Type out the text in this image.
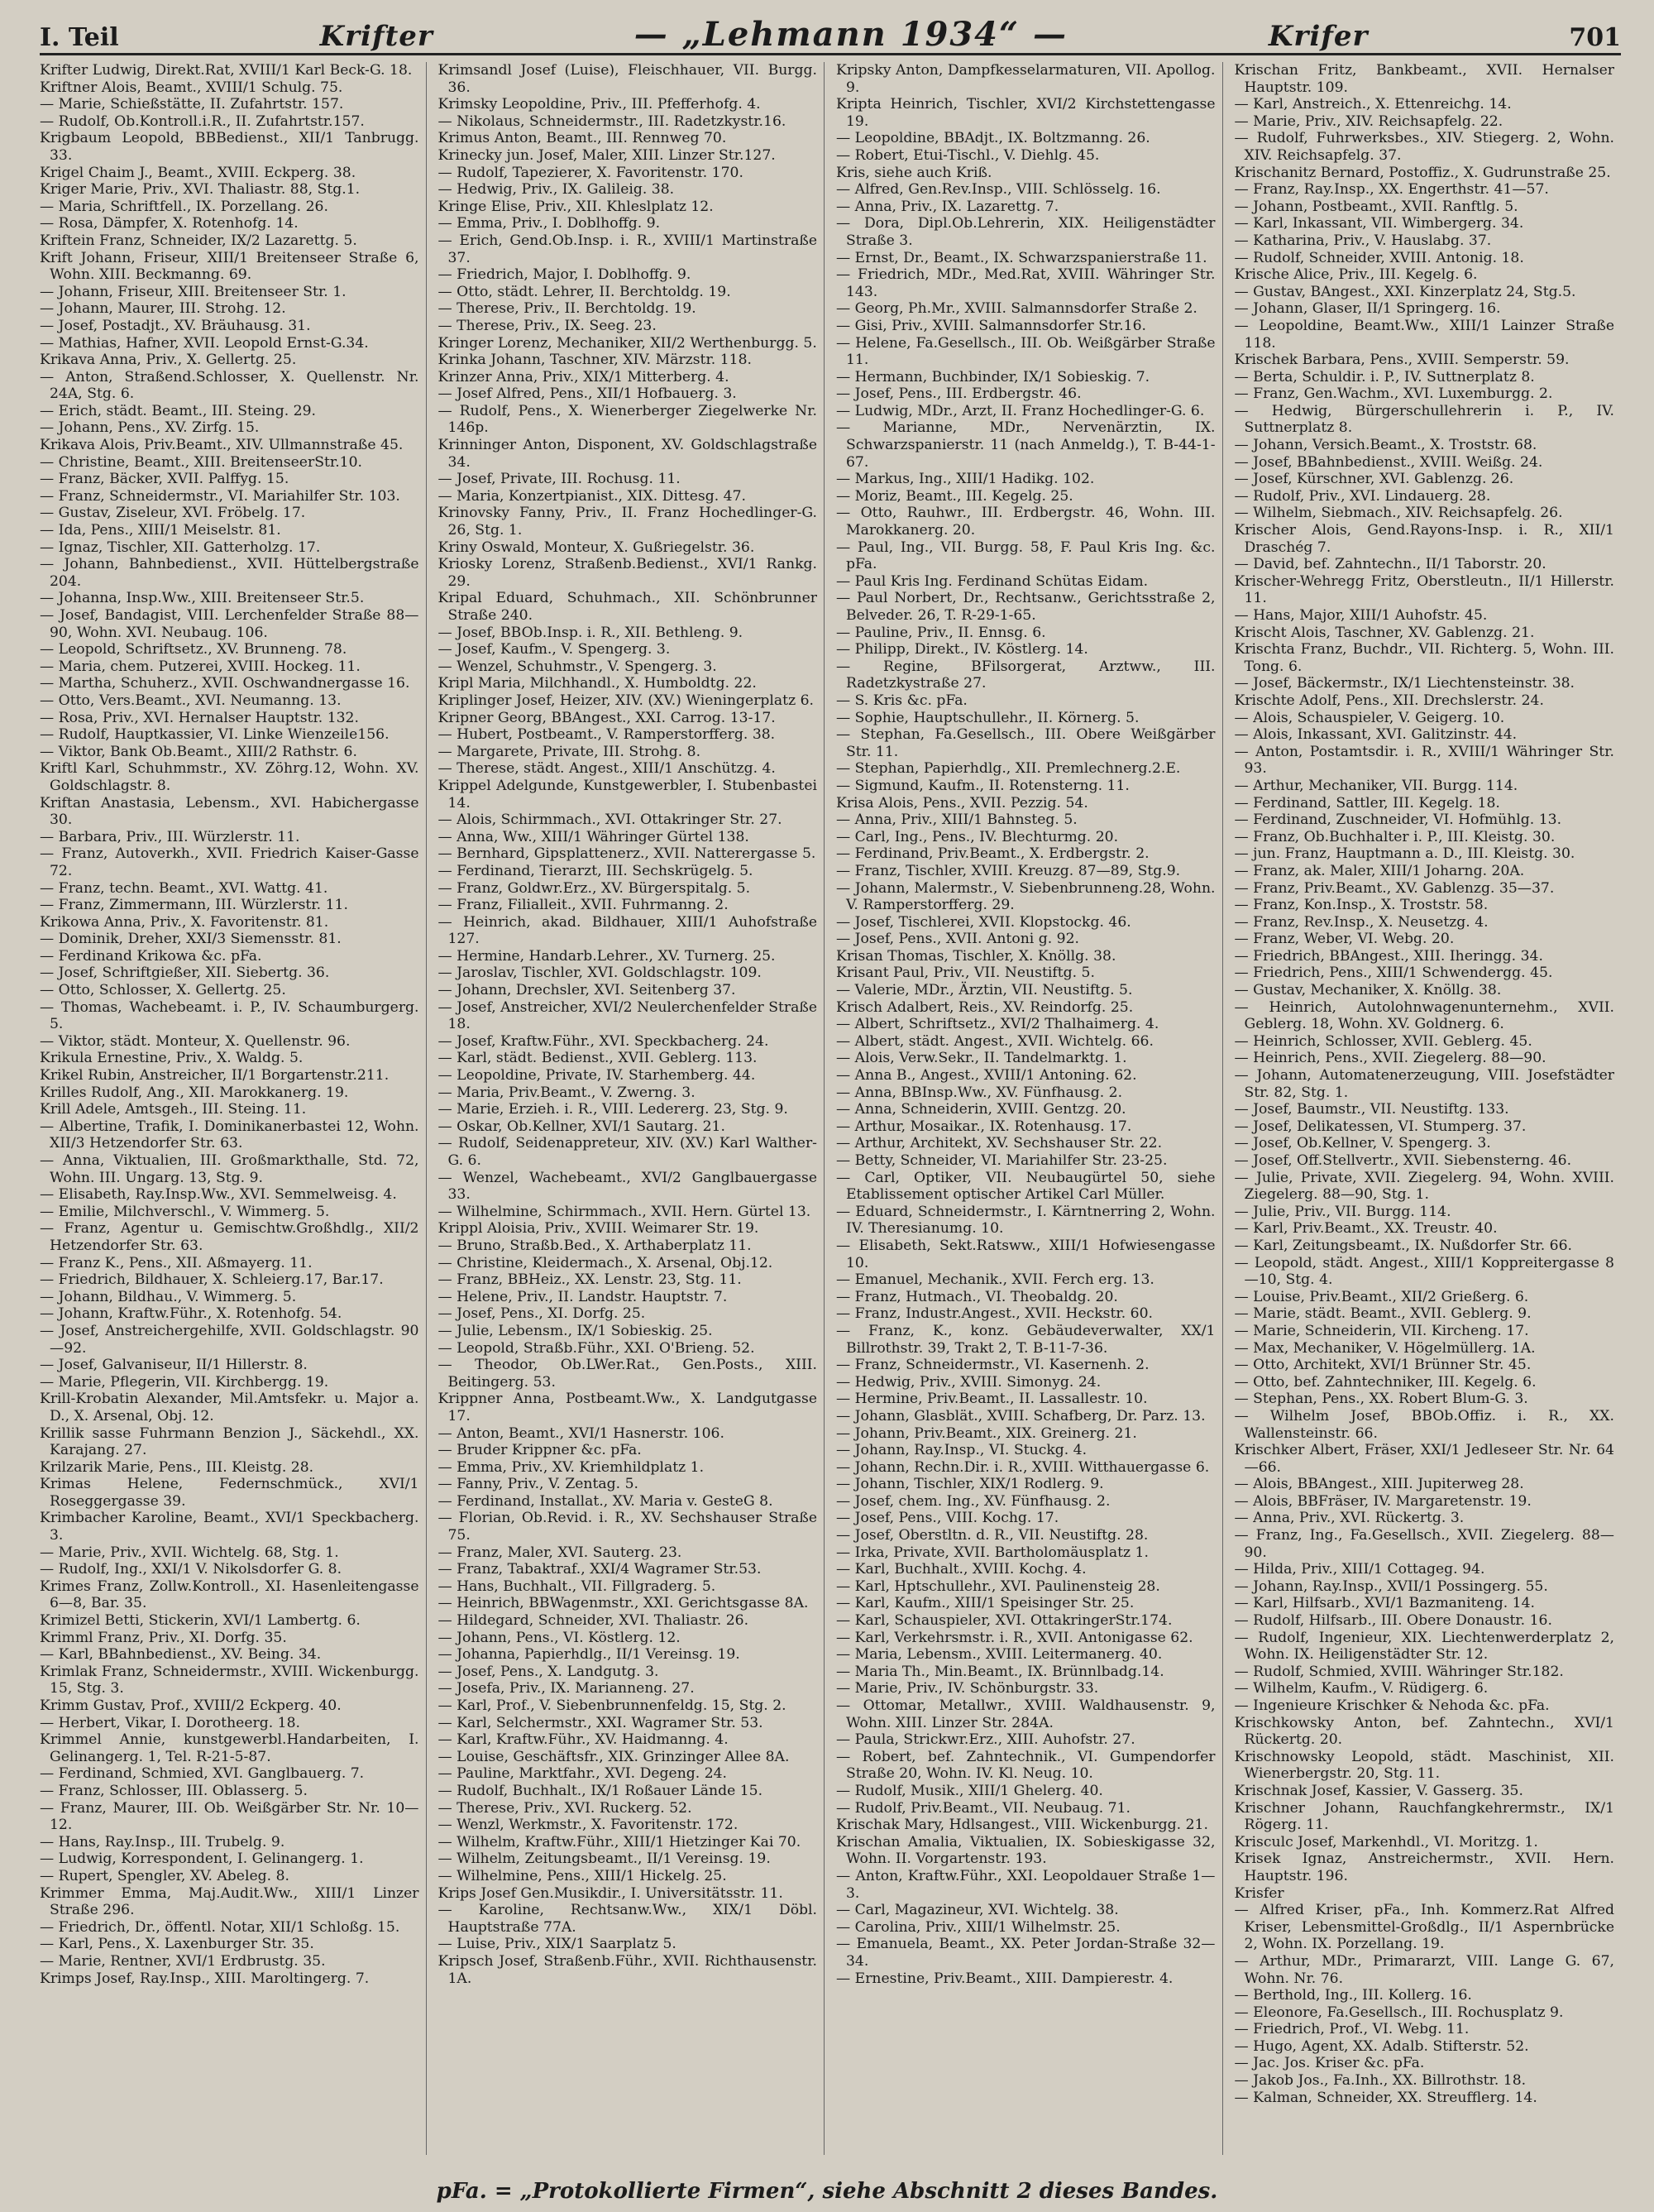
I. Teil	Krifter	— „Lehmann 1934“ —	Krifer	701

Krifter Ludwig, Direkt.Rat, XVIII/1 Karl Beck-G. 18.

Kriftner Alois, Beamt., XVIII/1 Schulg. 75.

— Marie, Schießstätte, II. Zufahrtstr. 157.

— Rudolf, Ob.Kontroll.i.R., II. Zufahrtstr.157.

Krigbaum Leopold, BBBedienst., XII/1 Tanbrugg. 33.

Krigel Chaim J., Beamt., XVIII. Eckperg. 38.

Kriger Marie, Priv., XVI. Thaliastr. 88, Stg.1.

— Maria, Schriftfell., IX. Porzellang. 26.

— Rosa, Dämpfer, X. Rotenhofg. 14.

Kriftein Franz, Schneider, IX/2 Lazarettg. 5.

Krift Johann, Friseur, XIII/1 Breitenseer Straße 6, Wohn. XIII. Beckmanng. 69.

— Johann, Friseur, XIII. Breitenseer Str. 1.

— Johann, Maurer, III. Strohg. 12.

— Josef, Postadjt., XV. Bräuhausg. 31.

— Mathias, Hafner, XVII. Leopold Ernst-G.34.

Krikava Anna, Priv., X. Gellertg. 25.

— Anton, Straßend.Schlosser, X. Quellenstr. Nr. 24A, Stg. 6.

— Erich, städt. Beamt., III. Steing. 29.

— Johann, Pens., XV. Zirfg. 15.

Krikava Alois, Priv.Beamt., XIV. Ullmannstraße 45.

— Christine, Beamt., XIII. BreitenseerStr.10.

— Franz, Bäcker, XVII. Palffyg. 15.

— Franz, Schneidermstr., VI. Mariahilfer Str. 103.

— Gustav, Ziseleur, XVI. Fröbelg. 17.

— Ida, Pens., XIII/1 Meiselstr. 81.

— Ignaz, Tischler, XII. Gatterholzg. 17.

— Johann, Bahnbedienst., XVII. Hüttelbergstraße 204.

— Johanna, Insp.Ww., XIII. Breitenseer Str.5.

— Josef, Bandagist, VIII. Lerchenfelder Straße 88—90, Wohn. XVI. Neubaug. 106.

— Leopold, Schriftsetz., XV. Brunneng. 78.

— Maria, chem. Putzerei, XVIII. Hockeg. 11.

— Martha, Schuherz., XVII. Oschwandnergasse 16.

— Otto, Vers.Beamt., XVI. Neumanng. 13.

— Rosa, Priv., XVI. Hernalser Hauptstr. 132.

— Rudolf, Hauptkassier, VI. Linke Wienzeile156.

— Viktor, Bank Ob.Beamt., XIII/2 Rathstr. 6.

Kriftl Karl, Schuhmmstr., XV. Zöhrg.12, Wohn. XV. Goldschlagstr. 8.

Kriftan Anastasia, Lebensm., XVI. Habichergasse 30.

— Barbara, Priv., III. Würzlerstr. 11.

— Franz, Autoverkh., XVII. Friedrich Kaiser-Gasse 72.

— Franz, techn. Beamt., XVI. Wattg. 41.

— Franz, Zimmermann, III. Würzlerstr. 11.

Krikowa Anna, Priv., X. Favoritenstr. 81.

— Dominik, Dreher, XXI/3 Siemensstr. 81.

— Ferdinand Krikowa &c. pFa.

— Josef, Schriftgießer, XII. Siebertg. 36.

— Otto, Schlosser, X. Gellertg. 25.

— Thomas, Wachebeamt. i. P., IV. Schaumburgerg. 5.

— Viktor, städt. Monteur, X. Quellenstr. 96.

Krikula Ernestine, Priv., X. Waldg. 5.

Krikel Rubin, Anstreicher, II/1 Borgartenstr.211.

Krilles Rudolf, Ang., XII. Marokkanerg. 19.

Krill Adele, Amtsgeh., III. Steing. 11.

— Albertine, Trafik, I. Dominikanerbastei 12, Wohn. XII/3 Hetzendorfer Str. 63.

— Anna, Viktualien, III. Großmarkthalle, Std. 72, Wohn. III. Ungarg. 13, Stg. 9.

— Elisabeth, Ray.Insp.Ww., XVI. Semmelweisg. 4.

— Emilie, Milchverschl., V. Wimmerg. 5.

— Franz, Agentur u. Gemischtw.Großhdlg., XII/2 Hetzendorfer Str. 63.

— Franz K., Pens., XII. Aßmayerg. 11.

— Friedrich, Bildhauer, X. Schleierg.17, Bar.17.

— Johann, Bildhau., V. Wimmerg. 5.

— Johann, Kraftw.Führ., X. Rotenhofg. 54.

— Josef, Anstreichergehilfe, XVII. Goldschlagstr. 90—92.

— Josef, Galvaniseur, II/1 Hillerstr. 8.

— Marie, Pflegerin, VII. Kirchbergg. 19.

Krill-Krobatin Alexander, Mil.Amtsfekr. u. Major a. D., X. Arsenal, Obj. 12.

Krillik sasse Fuhrmann Benzion J., Säckehdl., XX. Karajang. 27.

Krilzarik Marie, Pens., III. Kleistg. 28.

Krimas Helene, Federnschmück., XVI/1 Roseggergasse 39.

Krimbacher Karoline, Beamt., XVI/1 Speckbacherg. 3.

— Marie, Priv., XVII. Wichtelg. 68, Stg. 1.

— Rudolf, Ing., XXI/1 V. Nikolsdorfer G. 8.

Krimes Franz, Zollw.Kontroll., XI. Hasenleitengasse 6—8, Bar. 35.

Krimizel Betti, Stickerin, XVI/1 Lambertg. 6.

Krimml Franz, Priv., XI. Dorfg. 35.

— Karl, BBahnbedienst., XV. Being. 34.

Krimlak Franz, Schneidermstr., XVIII. Wickenburgg. 15, Stg. 3.

Krimm Gustav, Prof., XVIII/2 Eckperg. 40.

— Herbert, Vikar, I. Dorotheerg. 18.

Krimmel Annie, kunstgewerbl.Handarbeiten, I. Gelinangerg. 1, Tel. R-21-5-87.

— Ferdinand, Schmied, XVI. Ganglbauerg. 7.

— Franz, Schlosser, III. Oblasserg. 5.

— Franz, Maurer, III. Ob. Weißgärber Str. Nr. 10—12.

— Hans, Ray.Insp., III. Trubelg. 9.

— Ludwig, Korrespondent, I. Gelinangerg. 1.

— Rupert, Spengler, XV. Abeleg. 8.

Krimmer Emma, Maj.Audit.Ww., XIII/1 Linzer Straße 296.

— Friedrich, Dr., öffentl. Notar, XII/1 Schloßg. 15.

— Karl, Pens., X. Laxenburger Str. 35.

— Marie, Rentner, XVI/1 Erdbrustg. 35.

Krimps Josef, Ray.Insp., XIII. Maroltingerg. 7.

Krimsandl Josef (Luise), Fleischhauer, VII. Burgg. 36.

Krimsky Leopoldine, Priv., III. Pfefferhofg. 4.

— Nikolaus, Schneidermstr., III. Radetzkystr.16.

Krimus Anton, Beamt., III. Rennweg 70.

Krinecky jun. Josef, Maler, XIII. Linzer Str.127.

— Rudolf, Tapezierer, X. Favoritenstr. 170.

— Hedwig, Priv., IX. Galileig. 38.

Kringe Elise, Priv., XII. Khleslplatz 12.

— Emma, Priv., I. Doblhoffg. 9.

— Erich, Gend.Ob.Insp. i. R., XVIII/1 Martinstraße 37.

— Friedrich, Major, I. Doblhoffg. 9.

— Otto, städt. Lehrer, II. Berchtoldg. 19.

— Therese, Priv., II. Berchtoldg. 19.

— Therese, Priv., IX. Seeg. 23.

Kringer Lorenz, Mechaniker, XII/2 Werthenburgg. 5.

Krinka Johann, Taschner, XIV. Märzstr. 118.

Krinzer Anna, Priv., XIX/1 Mitterberg. 4.

— Josef Alfred, Pens., XII/1 Hofbauerg. 3.

— Rudolf, Pens., X. Wienerberger Ziegelwerke Nr. 146p.

Krinninger Anton, Disponent, XV. Goldschlagstraße 34.

— Josef, Private, III. Rochusg. 11.

— Maria, Konzertpianist., XIX. Dittesg. 47.

Krinovsky Fanny, Priv., II. Franz Hochedlinger-G. 26, Stg. 1.

Kriny Oswald, Monteur, X. Gußriegelstr. 36.

Kriosky Lorenz, Straßenb.Bedienst., XVI/1 Rankg. 29.

Kripal Eduard, Schuhmach., XII. Schönbrunner Straße 240.

— Josef, BBOb.Insp. i. R., XII. Bethleng. 9.

— Josef, Kaufm., V. Spengerg. 3.

— Wenzel, Schuhmstr., V. Spengerg. 3.

Kripl Maria, Milchhandl., X. Humboldtg. 22.

Kriplinger Josef, Heizer, XIV. (XV.) Wieningerplatz 6.

Kripner Georg, BBAngest., XXI. Carrog. 13-17.

— Hubert, Postbeamt., V. Ramperstorfferg. 38.

— Margarete, Private, III. Strohg. 8.

— Therese, städt. Angest., XIII/1 Anschützg. 4.

Krippel Adelgunde, Kunstgewerbler, I. Stubenbastei 14.

— Alois, Schirmmach., XVI. Ottakringer Str. 27.

— Anna, Ww., XIII/1 Währinger Gürtel 138.

— Bernhard, Gipsplattenerz., XVII. Natterergasse 5.

— Ferdinand, Tierarzt, III. Sechskrügelg. 5.

— Franz, Goldwr.Erz., XV. Bürgerspitalg. 5.

— Franz, Filialleit., XVII. Fuhrmanng. 2.

— Heinrich, akad. Bildhauer, XIII/1 Auhofstraße 127.

— Hermine, Handarb.Lehrer., XV. Turnerg. 25.

— Jaroslav, Tischler, XVI. Goldschlagstr. 109.

— Johann, Drechsler, XVI. Seitenberg 37.

— Josef, Anstreicher, XVI/2 Neulerchenfelder Straße 18.

— Josef, Kraftw.Führ., XVI. Speckbacherg. 24.

— Karl, städt. Bedienst., XVII. Geblerg. 113.

— Leopoldine, Private, IV. Starhemberg. 44.

— Maria, Priv.Beamt., V. Zwerng. 3.

— Marie, Erzieh. i. R., VIII. Ledererg. 23, Stg. 9.

— Oskar, Ob.Kellner, XVI/1 Sautarg. 21.

— Rudolf, Seidenappreteur, XIV. (XV.) Karl Walther-G. 6.

— Wenzel, Wachebeamt., XVI/2 Ganglbauergasse 33.

— Wilhelmine, Schirmmach., XVII. Hern. Gürtel 13.

Krippl Aloisia, Priv., XVIII. Weimarer Str. 19.

— Bruno, Straßb.Bed., X. Arthaberplatz 11.

— Christine, Kleidermach., X. Arsenal, Obj.12.

— Franz, BBHeiz., XX. Lenstr. 23, Stg. 11.

— Helene, Priv., II. Landstr. Hauptstr. 7.

— Josef, Pens., XI. Dorfg. 25.

— Julie, Lebensm., IX/1 Sobieskig. 25.

— Leopold, Straßb.Führ., XXI. O'Brieng. 52.

— Theodor, Ob.LWer.Rat., Gen.Posts., XIII. Beitingerg. 53.

Krippner Anna, Postbeamt.Ww., X. Landgutgasse 17.

— Anton, Beamt., XVI/1 Hasnerstr. 106.

— Bruder Krippner &c. pFa.

— Emma, Priv., XV. Kriemhildplatz 1.

— Fanny, Priv., V. Zentag. 5.

— Ferdinand, Installat., XV. Maria v. GesteG 8.

— Florian, Ob.Revid. i. R., XV. Sechshauser Straße 75.

— Franz, Maler, XVI. Sauterg. 23.

— Franz, Tabaktraf., XXI/4 Wagramer Str.53.

— Hans, Buchhalt., VII. Fillgraderg. 5.

— Heinrich, BBWagenmstr., XXI. Gerichtsgasse 8A.

— Hildegard, Schneider, XVI. Thaliastr. 26.

— Johann, Pens., VI. Köstlerg. 12.

— Johanna, Papierhdlg., II/1 Vereinsg. 19.

— Josef, Pens., X. Landgutg. 3.

— Josefa, Priv., IX. Marianneng. 27.

— Karl, Prof., V. Siebenbrunnenfeldg. 15, Stg. 2.

— Karl, Selchermstr., XXI. Wagramer Str. 53.

— Karl, Kraftw.Führ., XV. Haidmanng. 4.

— Louise, Geschäftsfr., XIX. Grinzinger Allee 8A.

— Pauline, Marktfahr., XVI. Degeng. 24.

— Rudolf, Buchhalt., IX/1 Roßauer Lände 15.

— Therese, Priv., XVI. Ruckerg. 52.

— Wenzl, Werkmstr., X. Favoritenstr. 172.

— Wilhelm, Kraftw.Führ., XIII/1 Hietzinger Kai 70.

— Wilhelm, Zeitungsbeamt., II/1 Vereinsg. 19.

— Wilhelmine, Pens., XIII/1 Hickelg. 25.

Krips Josef Gen.Musikdir., I. Universitätsstr. 11.

— Karoline, Rechtsanw.Ww., XIX/1 Döbl. Hauptstraße 77A.

— Luise, Priv., XIX/1 Saarplatz 5.

Kripsch Josef, Straßenb.Führ., XVII. Richthausenstr. 1A.

Kripsky Anton, Dampfkesselarmaturen, VII. Apollog. 9.

Kripta Heinrich, Tischler, XVI/2 Kirchstettengasse 19.

— Leopoldine, BBAdjt., IX. Boltzmanng. 26.

— Robert, Etui-Tischl., V. Diehlg. 45.

Kris, siehe auch Kriß.

— Alfred, Gen.Rev.Insp., VIII. Schlösselg. 16.

— Anna, Priv., IX. Lazarettg. 7.

— Dora, Dipl.Ob.Lehrerin, XIX. Heiligenstädter Straße 3.

— Ernst, Dr., Beamt., IX. Schwarzspanierstraße 11.

— Friedrich, MDr., Med.Rat, XVIII. Währinger Str. 143.

— Georg, Ph.Mr., XVIII. Salmannsdorfer Straße 2.

— Gisi, Priv., XVIII. Salmannsdorfer Str.16.

— Helene, Fa.Gesellsch., III. Ob. Weißgärber Straße 11.

— Hermann, Buchbinder, IX/1 Sobieskig. 7.

— Josef, Pens., III. Erdbergstr. 46.

— Ludwig, MDr., Arzt, II. Franz Hochedlinger-G. 6.

— Marianne, MDr., Nervenärztin, IX. Schwarzspanierstr. 11 (nach Anmeldg.), T. B-44-1-67.

— Markus, Ing., XIII/1 Hadikg. 102.

— Moriz, Beamt., III. Kegelg. 25.

— Otto, Rauhwr., III. Erdbergstr. 46, Wohn. III. Marokkanerg. 20.

— Paul, Ing., VII. Burgg. 58, F. Paul Kris Ing. &c. pFa.

— Paul Kris Ing. Ferdinand Schütas Eidam.

— Paul Norbert, Dr., Rechtsanw., Gerichtsstraße 2, Belveder. 26, T. R-29-1-65.

— Pauline, Priv., II. Ennsg. 6.

— Philipp, Direkt., IV. Köstlerg. 14.

— Regine, BFilsorgerat, Arztww., III. Radetzkystraße 27.

— S. Kris &c. pFa.

— Sophie, Hauptschullehr., II. Körnerg. 5.

— Stephan, Fa.Gesellsch., III. Obere Weißgärber Str. 11.

— Stephan, Papierhdlg., XII. Premlechnerg.2.E.

— Sigmund, Kaufm., II. Rotensterng. 11.

Krisa Alois, Pens., XVII. Pezzig. 54.

— Anna, Priv., XIII/1 Bahnsteg. 5.

— Carl, Ing., Pens., IV. Blechturmg. 20.

— Ferdinand, Priv.Beamt., X. Erdbergstr. 2.

— Franz, Tischler, XVIII. Kreuzg. 87—89, Stg.9.

— Johann, Malermstr., V. Siebenbrunneng.28, Wohn. V. Ramperstorfferg. 29.

— Josef, Tischlerei, XVII. Klopstockg. 46.

— Josef, Pens., XVII. Antoni g. 92.

Krisan Thomas, Tischler, X. Knöllg. 38.

Krisant Paul, Priv., VII. Neustiftg. 5.

— Valerie, MDr., Ärztin, VII. Neustiftg. 5.

Krisch Adalbert, Reis., XV. Reindorfg. 25.

— Albert, Schriftsetz., XVI/2 Thalhaimerg. 4.

— Albert, städt. Angest., XVII. Wichtelg. 66.

— Alois, Verw.Sekr., II. Tandelmarktg. 1.

— Anna B., Angest., XVIII/1 Antoning. 62.

— Anna, BBInsp.Ww., XV. Fünfhausg. 2.

— Anna, Schneiderin, XVIII. Gentzg. 20.

— Arthur, Mosaikar., IX. Rotenhausg. 17.

— Arthur, Architekt, XV. Sechshauser Str. 22.

— Betty, Schneider, VI. Mariahilfer Str. 23-25.

— Carl, Optiker, VII. Neubaugürtel 50, siehe Etablissement optischer Artikel Carl Müller.

— Eduard, Schneidermstr., I. Kärntnerring 2, Wohn. IV. Theresianumg. 10.

— Elisabeth, Sekt.Ratsww., XIII/1 Hofwiesengasse 10.

— Emanuel, Mechanik., XVII. Ferch erg. 13.

— Franz, Hutmach., VI. Theobaldg. 20.

— Franz, Industr.Angest., XVII. Heckstr. 60.

— Franz, K., konz. Gebäudeverwalter, XX/1 Billrothstr. 39, Trakt 2, T. B-11-7-36.

— Franz, Schneidermstr., VI. Kasernenh. 2.

— Hedwig, Priv., XVIII. Simonyg. 24.

— Hermine, Priv.Beamt., II. Lassallestr. 10.

— Johann, Glasblät., XVIII. Schafberg, Dr. Parz. 13.

— Johann, Priv.Beamt., XIX. Greinerg. 21.

— Johann, Ray.Insp., VI. Stuckg. 4.

— Johann, Rechn.Dir. i. R., XVIII. Witthauergasse 6.

— Johann, Tischler, XIX/1 Rodlerg. 9.

— Josef, chem. Ing., XV. Fünfhausg. 2.

— Josef, Pens., VIII. Kochg. 17.

— Josef, Oberstltn. d. R., VII. Neustiftg. 28.

— Irka, Private, XVII. Bartholomäusplatz 1.

— Karl, Buchhalt., XVIII. Kochg. 4.

— Karl, Hptschullehr., XVI. Paulinensteig 28.

— Karl, Kaufm., XIII/1 Speisinger Str. 25.

— Karl, Schauspieler, XVI. OttakringerStr.174.

— Karl, Verkehrsmstr. i. R., XVII. Antonigasse 62.

— Maria, Lebensm., XVIII. Leitermanerg. 40.

— Maria Th., Min.Beamt., IX. Brünnlbadg.14.

— Marie, Priv., IV. Schönburgstr. 33.

— Ottomar, Metallwr., XVIII. Waldhausenstr. 9, Wohn. XIII. Linzer Str. 284A.

— Paula, Strickwr.Erz., XIII. Auhofstr. 27.

— Robert, bef. Zahntechnik., VI. Gumpendorfer Straße 20, Wohn. IV. Kl. Neug. 10.

— Rudolf, Musik., XIII/1 Ghelerg. 40.

— Rudolf, Priv.Beamt., VII. Neubaug. 71.

Krischak Mary, Hdlsangest., VIII. Wickenburgg. 21.

Krischan Amalia, Viktualien, IX. Sobieskigasse 32, Wohn. II. Vorgartenstr. 193.

— Anton, Kraftw.Führ., XXI. Leopoldauer Straße 1—3.

— Carl, Magazineur, XVI. Wichtelg. 38.

— Carolina, Priv., XIII/1 Wilhelmstr. 25.

— Emanuela, Beamt., XX. Peter Jordan-Straße 32—34.

— Ernestine, Priv.Beamt., XIII. Dampierestr. 4.

Krischan Fritz, Bankbeamt., XVII. Hernalser Hauptstr. 109.

— Karl, Anstreich., X. Ettenreichg. 14.

— Marie, Priv., XIV. Reichsapfelg. 22.

— Rudolf, Fuhrwerksbes., XIV. Stiegerg. 2, Wohn. XIV. Reichsapfelg. 37.

Krischanitz Bernard, Postoffiz., X. Gudrunstraße 25.

— Franz, Ray.Insp., XX. Engerthstr. 41—57.

— Johann, Postbeamt., XVII. Ranftlg. 5.

— Karl, Inkassant, VII. Wimbergerg. 34.

— Katharina, Priv., V. Hauslabg. 37.

— Rudolf, Schneider, XVIII. Antonig. 18.

Krische Alice, Priv., III. Kegelg. 6.

— Gustav, BAngest., XXI. Kinzerplatz 24, Stg.5.

— Johann, Glaser, II/1 Springerg. 16.

— Leopoldine, Beamt.Ww., XIII/1 Lainzer Straße 118.

Krischek Barbara, Pens., XVIII. Semperstr. 59.

— Berta, Schuldir. i. P., IV. Suttnerplatz 8.

— Franz, Gen.Wachm., XVI. Luxemburgg. 2.

— Hedwig, Bürgerschullehrerin i. P., IV. Suttnerplatz 8.

— Johann, Versich.Beamt., X. Troststr. 68.

— Josef, BBahnbedienst., XVIII. Weißg. 24.

— Josef, Kürschner, XVI. Gablenzg. 26.

— Rudolf, Priv., XVI. Lindauerg. 28.

— Wilhelm, Siebmach., XIV. Reichsapfelg. 26.

Krischer Alois, Gend.Rayons-Insp. i. R., XII/1 Draschég 7.

— David, bef. Zahntechn., II/1 Taborstr. 20.

Krischer-Wehregg Fritz, Oberstleutn., II/1 Hillerstr. 11.

— Hans, Major, XIII/1 Auhofstr. 45.

Krischt Alois, Taschner, XV. Gablenzg. 21.

Krischta Franz, Buchdr., VII. Richterg. 5, Wohn. III. Tong. 6.

— Josef, Bäckermstr., IX/1 Liechtensteinstr. 38.

Krischte Adolf, Pens., XII. Drechslerstr. 24.

— Alois, Schauspieler, V. Geigerg. 10.

— Alois, Inkassant, XVI. Galitzinstr. 44.

— Anton, Postamtsdir. i. R., XVIII/1 Währinger Str. 93.

— Arthur, Mechaniker, VII. Burgg. 114.

— Ferdinand, Sattler, III. Kegelg. 18.

— Ferdinand, Zuschneider, VI. Hofmühlg. 13.

— Franz, Ob.Buchhalter i. P., III. Kleistg. 30.

— jun. Franz, Hauptmann a. D., III. Kleistg. 30.

— Franz, ak. Maler, XIII/1 Joharng. 20A.

— Franz, Priv.Beamt., XV. Gablenzg. 35—37.

— Franz, Kon.Insp., X. Troststr. 58.

— Franz, Rev.Insp., X. Neusetzg. 4.

— Franz, Weber, VI. Webg. 20.

— Friedrich, BBAngest., XIII. Iheringg. 34.

— Friedrich, Pens., XIII/1 Schwendergg. 45.

— Gustav, Mechaniker, X. Knöllg. 38.

— Heinrich, Autolohnwagenunternehm., XVII. Geblerg. 18, Wohn. XV. Goldnerg. 6.

— Heinrich, Schlosser, XVII. Geblerg. 45.

— Heinrich, Pens., XVII. Ziegelerg. 88—90.

— Johann, Automatenerzeugung, VIII. Josefstädter Str. 82, Stg. 1.

— Josef, Baumstr., VII. Neustiftg. 133.

— Josef, Delikatessen, VI. Stumperg. 37.

— Josef, Ob.Kellner, V. Spengerg. 3.

— Josef, Off.Stellvertr., XVII. Siebensterng. 46.

— Julie, Private, XVII. Ziegelerg. 94, Wohn. XVIII. Ziegelerg. 88—90, Stg. 1.

— Julie, Priv., VII. Burgg. 114.

— Karl, Priv.Beamt., XX. Treustr. 40.

— Karl, Zeitungsbeamt., IX. Nußdorfer Str. 66.

— Leopold, städt. Angest., XIII/1 Koppreitergasse 8—10, Stg. 4.

— Louise, Priv.Beamt., XII/2 Grießerg. 6.

— Marie, städt. Beamt., XVII. Geblerg. 9.

— Marie, Schneiderin, VII. Kircheng. 17.

— Max, Mechaniker, V. Högelmüllerg. 1A.

— Otto, Architekt, XVI/1 Brünner Str. 45.

— Otto, bef. Zahntechniker, III. Kegelg. 6.

— Stephan, Pens., XX. Robert Blum-G. 3.

— Wilhelm Josef, BBOb.Offiz. i. R., XX. Wallensteinstr. 66.

Krischker Albert, Fräser, XXI/1 Jedleseer Str. Nr. 64—66.

— Alois, BBAngest., XIII. Jupiterweg 28.

— Alois, BBFräser, IV. Margaretenstr. 19.

— Anna, Priv., XVI. Rückertg. 3.

— Franz, Ing., Fa.Gesellsch., XVII. Ziegelerg. 88—90.

— Hilda, Priv., XIII/1 Cottageg. 94.

— Johann, Ray.Insp., XVII/1 Possingerg. 55.

— Karl, Hilfsarb., XVI/1 Bazmaniteng. 14.

— Rudolf, Hilfsarb., III. Obere Donaustr. 16.

— Rudolf, Ingenieur, XIX. Liechtenwerderplatz 2, Wohn. IX. Heiligenstädter Str. 12.

— Rudolf, Schmied, XVIII. Währinger Str.182.

— Wilhelm, Kaufm., V. Rüdigerg. 6.

— Ingenieure Krischker & Nehoda &c. pFa.

Krischkowsky Anton, bef. Zahntechn., XVI/1 Rückertg. 20.

Krischnowsky Leopold, städt. Maschinist, XII. Wienerbergstr. 20, Stg. 11.

Krischnak Josef, Kassier, V. Gasserg. 35.

Krischner Johann, Rauchfangkehrermstr., IX/1 Rögerg. 11.

Krisculc Josef, Markenhdl., VI. Moritzg. 1.

Krisek Ignaz, Anstreichermstr., XVII. Hern. Hauptstr. 196.

Krisfer

— Alfred Kriser, pFa., Inh. Kommerz.Rat Alfred Kriser, Lebensmittel-Großdlg., II/1 Aspernbrücke 2, Wohn. IX. Porzellang. 19.

— Arthur, MDr., Primararzt, VIII. Lange G. 67, Wohn. Nr. 76.

— Berthold, Ing., III. Kollerg. 16.

— Eleonore, Fa.Gesellsch., III. Rochusplatz 9.

— Friedrich, Prof., VI. Webg. 11.

— Hugo, Agent, XX. Adalb. Stifterstr. 52.

— Jac. Jos. Kriser &c. pFa.

— Jakob Jos., Fa.Inh., XX. Billrothstr. 18.

— Kalman, Schneider, XX. Streufflerg. 14.

pFa. = „Protokollierte Firmen“, siehe Abschnitt 2 dieses Bandes.
